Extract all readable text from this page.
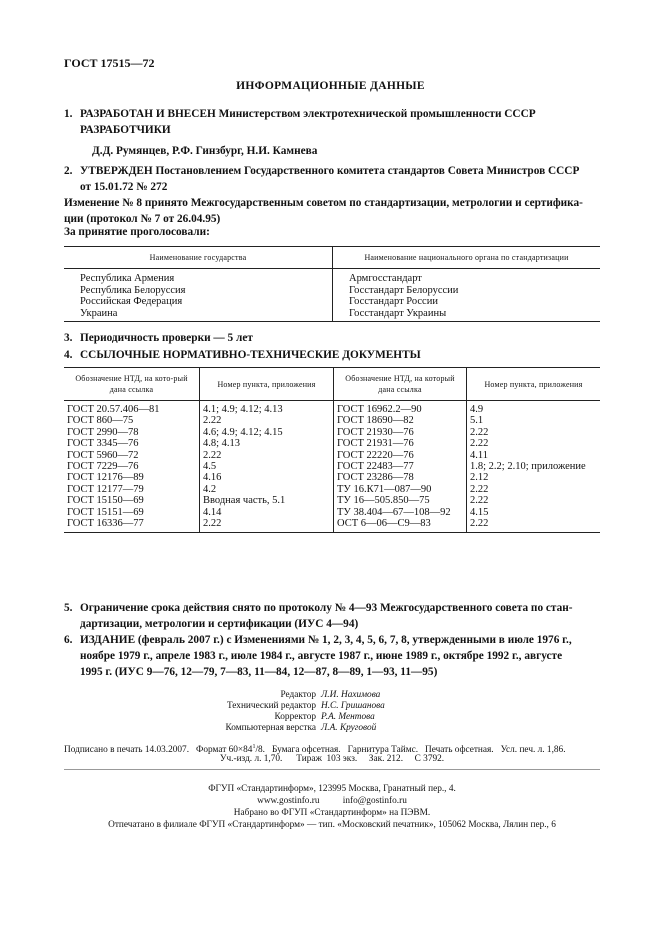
ГОСТ 17515—72
ИНФОРМАЦИОННЫЕ ДАННЫЕ
1. РАЗРАБОТАН И ВНЕСЕН Министерством электротехнической промышленности СССР
РАЗРАБОТЧИКИ
Д.Д. Румянцев, Р.Ф. Гинзбург, Н.И. Камнева
2. УТВЕРЖДЕН Постановлением Государственного комитета стандартов Совета Министров СССР
от 15.01.72 № 272
Изменение № 8 принято Межгосударственным советом по стандартизации, метрологии и сертифика-
ции (протокол № 7 от 26.04.95)
За принятие проголосовали:
Наименование государства	Наименование национального органа по стандартизации
Республика Армения	Армгосстандарт
Республика Белоруссия	Госстандарт Белоруссии
Российская Федерация	Госстандарт России
Украина	Госстандарт Украины
3. Периодичность проверки — 5 лет
4. ССЫЛОЧНЫЕ НОРМАТИВНО-ТЕХНИЧЕСКИЕ ДОКУМЕНТЫ
Обозначение НТД, на кото-рый дана ссылка	Номер пункта, приложения	Обозначение НТД, на который дана ссылка	Номер пункта, приложения
ГОСТ 20.57.406—81	4.1; 4.9; 4.12; 4.13	ГОСТ 16962.2—90	4.9
ГОСТ 860—75	2.22	ГОСТ 18690—82	5.1
ГОСТ 2990—78	4.6; 4.9; 4.12; 4.15	ГОСТ 21930—76	2.22
ГОСТ 3345—76	4.8; 4.13	ГОСТ 21931—76	2.22
ГОСТ 5960—72	2.22	ГОСТ 22220—76	4.11
ГОСТ 7229—76	4.5	ГОСТ 22483—77	1.8; 2.2; 2.10; приложение
ГОСТ 12176—89	4.16	ГОСТ 23286—78	2.12
ГОСТ 12177—79	4.2	ТУ 16.К71—087—90	2.22
ГОСТ 15150—69	Вводная часть, 5.1	ТУ 16—505.850—75	2.22
ГОСТ 15151—69	4.14	ТУ 38.404—67—108—92	4.15
ГОСТ 16336—77	2.22	ОСТ 6—06—С9—83	2.22
5. Ограничение срока действия снято по протоколу № 4—93 Межгосударственного совета по стан-
дартизации, метрологии и сертификации (ИУС 4—94)
6. ИЗДАНИЕ (февраль 2007 г.) с Изменениями № 1, 2, 3, 4, 5, 6, 7, 8, утвержденными в июле 1976 г.,
ноябре 1979 г., апреле 1983 г., июле 1984 г., августе 1987 г., июне 1989 г., октябре 1992 г., августе
1995 г. (ИУС 9—76, 12—79, 7—83, 11—84, 12—87, 8—89, 1—93, 11—95)
Редактор Л.И. Нахимова
Технический редактор Н.С. Гришанова
Корректор Р.А. Ментова
Компьютерная верстка Л.А. Круговой
Подписано в печать 14.03.2007.   Формат $60\times 84^1/8$.   Бумага офсетная.   Гарнитура Таймс.   Печать офсетная.   Усл. печ. л. 1,86.
Уч.-изд. л. 1,70.      Тираж  103 экз.     Зак. 212.     С 3792.
ФГУП «Стандартинформ», 123995 Москва, Гранатный пер., 4.
www.gostinfo.ru          info@gostinfo.ru
Набрано во ФГУП «Стандартинформ» на ПЭВМ.
Отпечатано в филиале ФГУП «Стандартинформ» — тип. «Московский печатник», 105062 Москва, Лялин пер., 6
